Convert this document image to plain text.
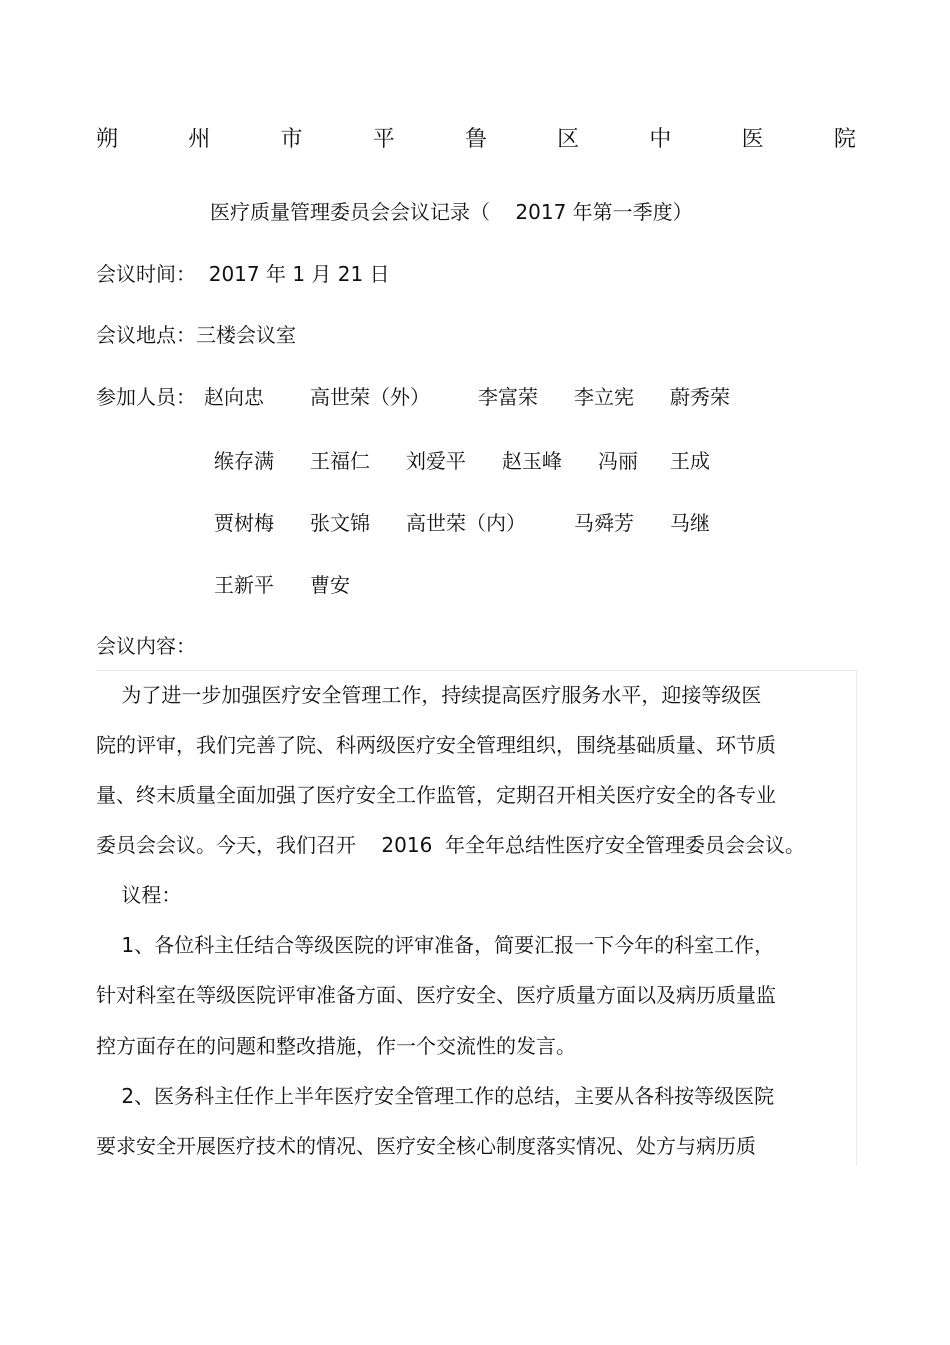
朔	州	市	平	鲁	区	中	医	院
医疗质量管理委员会会议记录（    2017 年第一季度）
会议时间：  2017 年 1 月 21 日
会议地点：三楼会议室
参加人员： 赵向忠 高世荣（外） 李富荣 李立宪 蔚秀荣
缑存满 王福仁 刘爱平 赵玉峰 冯丽 王成
贾树梅 张文锦 高世荣（内） 马舜芳 马继
王新平 曹安
会议内容：
为了进一步加强医疗安全管理工作，持续提高医疗服务水平，迎接等级医
院的评审，我们完善了院、科两级医疗安全管理组织，围绕基础质量、环节质
量、终末质量全面加强了医疗安全工作监管，定期召开相关医疗安全的各专业
委员会会议。今天，我们召开    2016  年全年总结性医疗安全管理委员会会议。
议程：
1、各位科主任结合等级医院的评审准备，简要汇报一下今年的科室工作，
针对科室在等级医院评审准备方面、医疗安全、医疗质量方面以及病历质量监
控方面存在的问题和整改措施，作一个交流性的发言。
2、医务科主任作上半年医疗安全管理工作的总结，主要从各科按等级医院
要求安全开展医疗技术的情况、医疗安全核心制度落实情况、处方与病历质
